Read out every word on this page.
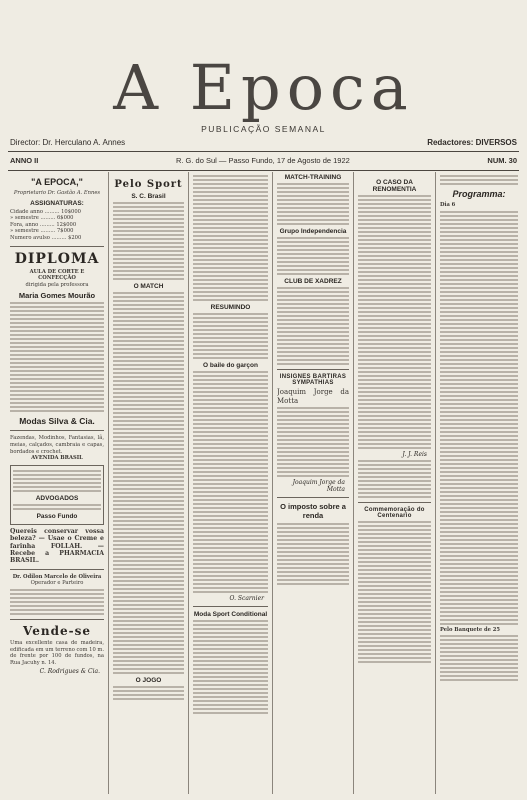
A Epoca
PUBLICAÇÃO SEMANAL
Director: Dr. Herculano A. Annes	Redactores: DIVERSOS
ANNO II	R. G. do Sul — Passo Fundo, 17 de Agosto de 1922	NUM. 30
"A EPOCA,"
Proprietario Dr. Gastão A. Ennes
ASSIGNATURAS:
Cidade anno ......... 10$000
» semestre ......... 6$000
Fora, anno ......... 12$000
» semestre ......... 7$000
Numero avulso ......... $200
DIPLOMA
AULA DE CORTE E CONFECÇÃO
dirigida pela professora
Maria Gomes Mourão
Modas Silva & Cia.
Fazendas, Modinhos, Fantasias, lã, meias, calçados, cambraia e capas, bordados e crochet.
AVENIDA BRASIL
ADVOGADOS
Passo Fundo
Quereis conservar vossa beleza? — Usae o Creme e farinha FOLLAH. — Recebe a PHARMACIA BRASIL.
Dr. Odilon Marcelo de Oliveira
Operador e Parteiro
Vende-se
Uma excellente casa de madeira, edificada em um terreno com 10 m. de frente por 100 de fundos, na Rua Jacuhy n. 14.
C. Rodrigues & Cia.
Pelo Sport
S. C. Brasil
O MATCH
O JOGO
RESUMINDO
O baile do garçon
O. Scarnier
Moda Sport Conditional
MATCH-TRAINING
Grupo Independencia
CLUB DE XADREZ
INSIGNES BARTIRAS SYMPATHIAS
Joaquim Jorge da Motta
Joaquim Jorge da Motta
O imposto sobre a renda
O CASO DA RENOMENTIA
J. J. Reis
Commemoração do Centenario
Programma:
Dia 6
Pelo Banquete de 25
